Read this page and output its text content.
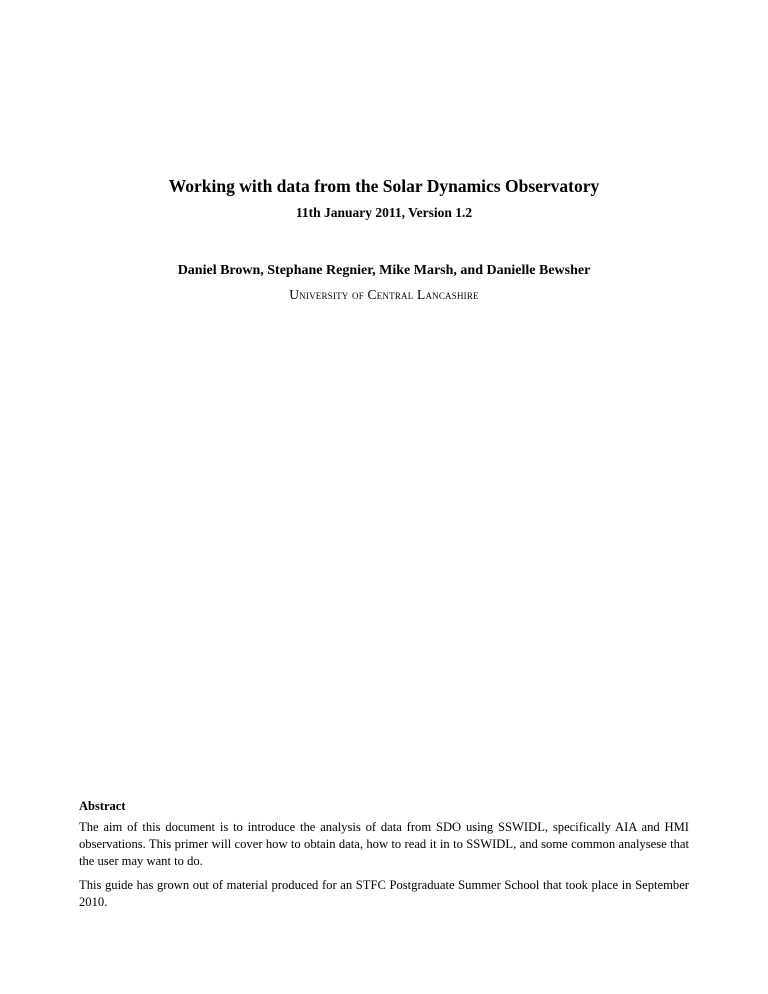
Working with data from the Solar Dynamics Observatory
11th January 2011, Version 1.2
Daniel Brown, Stephane Regnier, Mike Marsh, and Danielle Bewsher
University of Central Lancashire
Abstract

The aim of this document is to introduce the analysis of data from SDO using SSWIDL, specifically AIA and HMI observations. This primer will cover how to obtain data, how to read it in to SSWIDL, and some common analysese that the user may want to do.

This guide has grown out of material produced for an STFC Postgraduate Summer School that took place in September 2010.
